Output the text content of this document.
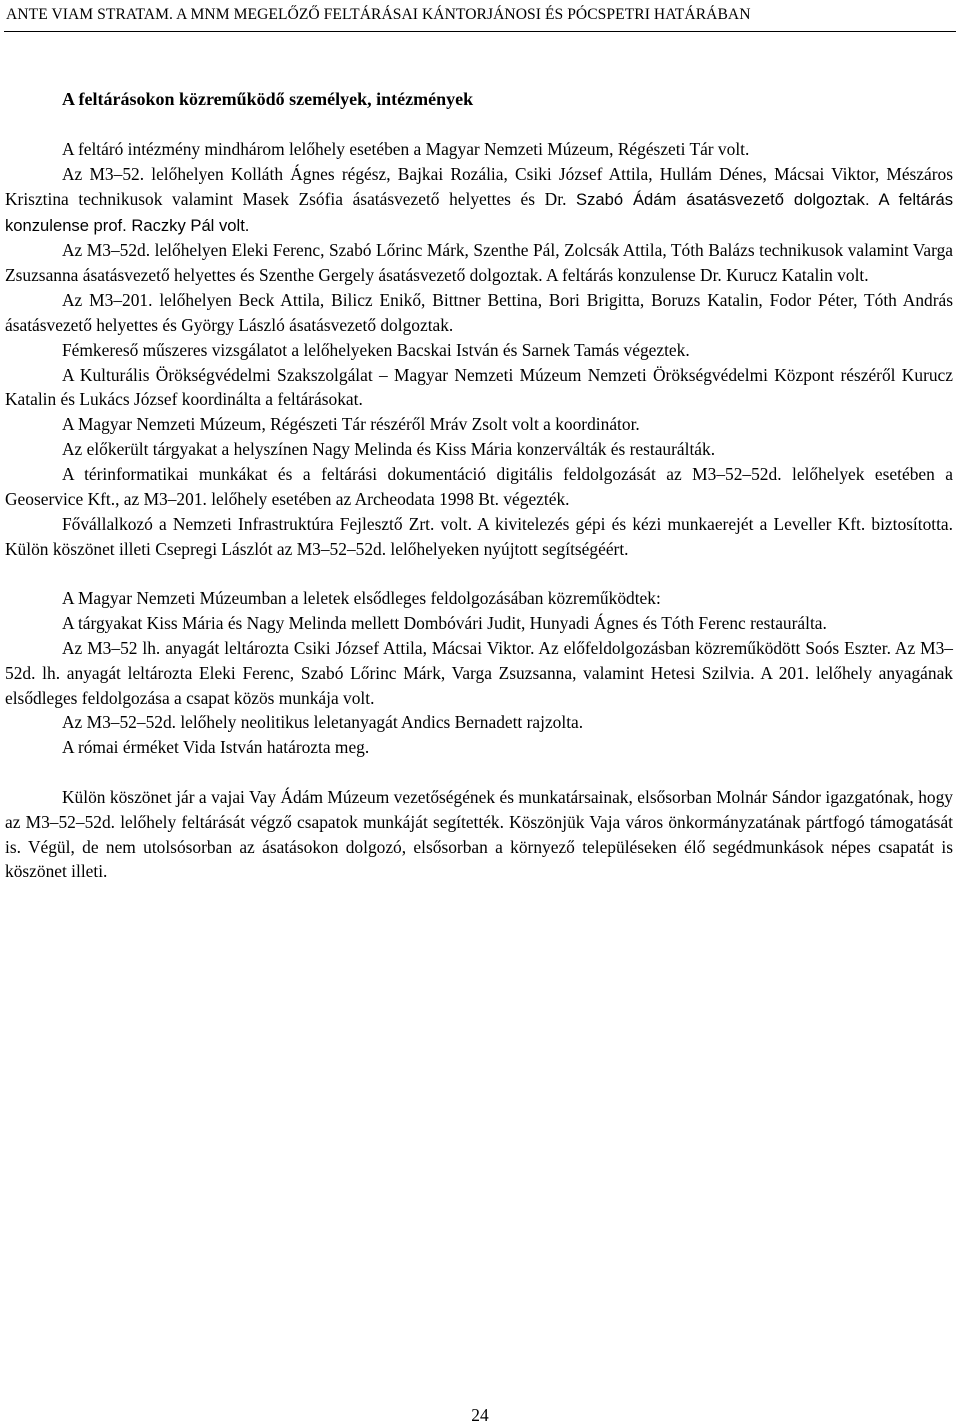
ANTE VIAM STRATAM. A MNM MEGELŐZŐ FELTÁRÁSAI KÁNTORJÁNOSI ÉS PÓCSPETRI HATÁRÁBAN
A feltárásokon közreműködő személyek, intézmények

A feltáró intézmény mindhárom lelőhely esetében a Magyar Nemzeti Múzeum, Régészeti Tár volt.

Az M3–52. lelőhelyen Kolláth Ágnes régész, Bajkai Rozália, Csiki József Attila, Hullám Dénes, Mácsai Viktor, Mészáros Krisztina technikusok valamint Masek Zsófia ásatásvezető helyettes és Dr. Szabó Ádám ásatásvezető dolgoztak. A feltárás konzulense prof. Raczky Pál volt.

Az M3–52d. lelőhelyen Eleki Ferenc, Szabó Lőrinc Márk, Szenthe Pál, Zolcsák Attila, Tóth Balázs technikusok valamint Varga Zsuzsanna ásatásvezető helyettes és Szenthe Gergely ásatásvezető dolgoztak. A feltárás konzulense Dr. Kurucz Katalin volt.

Az M3–201. lelőhelyen Beck Attila, Bilicz Enikő, Bittner Bettina, Bori Brigitta, Boruzs Katalin, Fodor Péter, Tóth András ásatásvezető helyettes és György László ásatásvezető dolgoztak.

Fémkereső műszeres vizsgálatot a lelőhelyeken Bacskai István és Sarnek Tamás végeztek.

A Kulturális Örökségvédelmi Szakszolgálat – Magyar Nemzeti Múzeum Nemzeti Örökségvédelmi Központ részéről Kurucz Katalin és Lukács József koordinálta a feltárásokat.

A Magyar Nemzeti Múzeum, Régészeti Tár részéről Mráv Zsolt volt a koordinátor.

Az előkerült tárgyakat a helyszínen Nagy Melinda és Kiss Mária konzerválták és restaurálták.

A térinformatikai munkákat és a feltárási dokumentáció digitális feldolgozását az M3–52–52d. lelőhelyek esetében a Geoservice Kft., az M3–201. lelőhely esetében az Archeodata 1998 Bt. végezték.

Fővállalkozó a Nemzeti Infrastruktúra Fejlesztő Zrt. volt. A kivitelezés gépi és kézi munkaerejét a Leveller Kft. biztosította. Külön köszönet illeti Csepregi Lászlót az M3–52–52d. lelőhelyeken nyújtott segítségéért.

A Magyar Nemzeti Múzeumban a leletek elsődleges feldolgozásában közreműködtek:

A tárgyakat Kiss Mária és Nagy Melinda mellett Dombóvári Judit, Hunyadi Ágnes és Tóth Ferenc restaurálta.

Az M3–52 lh. anyagát leltározta Csiki József Attila, Mácsai Viktor. Az előfeldolgozásban közreműködött Soós Eszter. Az M3–52d. lh. anyagát leltározta Eleki Ferenc, Szabó Lőrinc Márk, Varga Zsuzsanna, valamint Hetesi Szilvia. A 201. lelőhely anyagának elsődleges feldolgozása a csapat közös munkája volt.

Az M3–52–52d. lelőhely neolitikus leletanyagát Andics Bernadett rajzolta.

A római érméket Vida István határozta meg.

Külön köszönet jár a vajai Vay Ádám Múzeum vezetőségének és munkatársainak, elsősorban Molnár Sándor igazgatónak, hogy az M3–52–52d. lelőhely feltárását végző csapatok munkáját segítették. Köszönjük Vaja város önkormányzatának pártfogó támogatását is. Végül, de nem utolsósorban az ásatásokon dolgozó, elsősorban a környező településeken élő segédmunkások népes csapatát is köszönet illeti.

24
